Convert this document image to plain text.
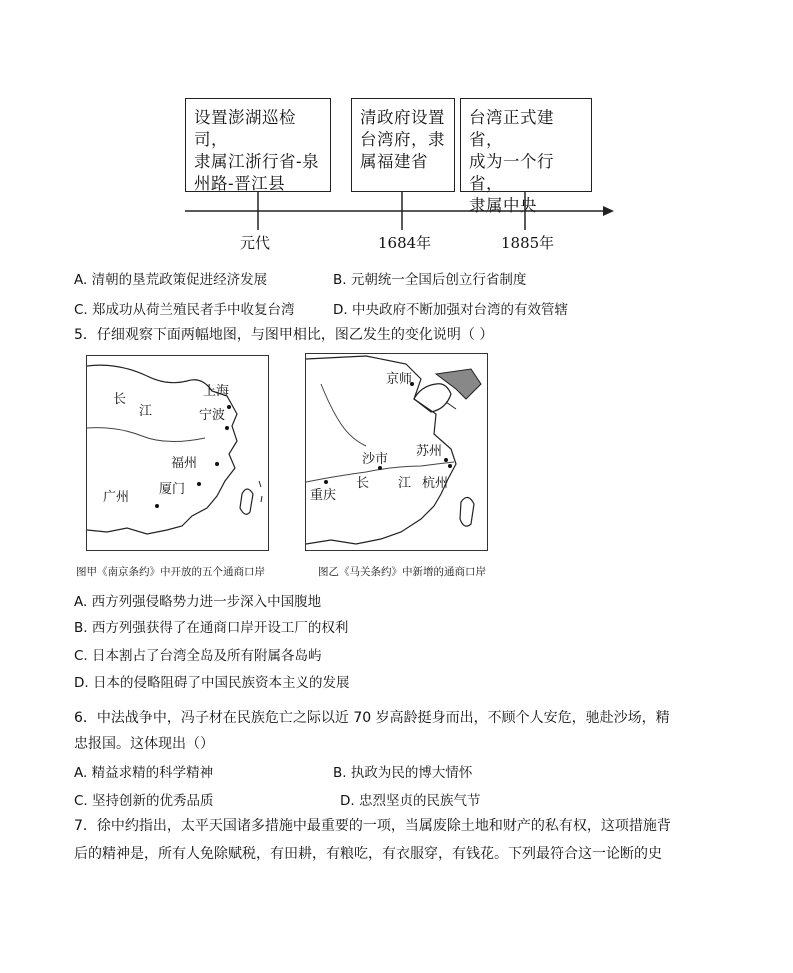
设置澎湖巡检司，
隶属江浙行省-泉
州路-晋江县
清政府设置
台湾府，隶
属福建省
台湾正式建省，
成为一个行省，
隶属中央
元代	1684年	1885年
A. 清朝的垦荒政策促进经济发展	B. 元朝统一全国后创立行省制度
C. 郑成功从荷兰殖民者手中收复台湾	D. 中央政府不断加强对台湾的有效管辖
5．仔细观察下面两幅地图，与图甲相比，图乙发生的变化说明（ ）
长
江
上海
宁波
福州
厦门
广州
京师
沙市
苏州
重庆
长 江 杭州
图甲《南京条约》中开放的五个通商口岸	图乙《马关条约》中新增的通商口岸
A. 西方列强侵略势力进一步深入中国腹地
B. 西方列强获得了在通商口岸开设工厂的权利
C. 日本割占了台湾全岛及所有附属各岛屿
D. 日本的侵略阻碍了中国民族资本主义的发展
6．中法战争中，冯子材在民族危亡之际以近 70 岁高龄挺身而出，不顾个人安危，驰赴沙场，精
忠报国。这体现出（）
A. 精益求精的科学精神	B. 执政为民的博大情怀
C. 坚持创新的优秀品质	D. 忠烈坚贞的民族气节
7．徐中约指出，太平天国诸多措施中最重要的一项，当属废除土地和财产的私有权，这项措施背
后的精神是，所有人免除赋税，有田耕，有粮吃，有衣服穿，有钱花。下列最符合这一论断的史
